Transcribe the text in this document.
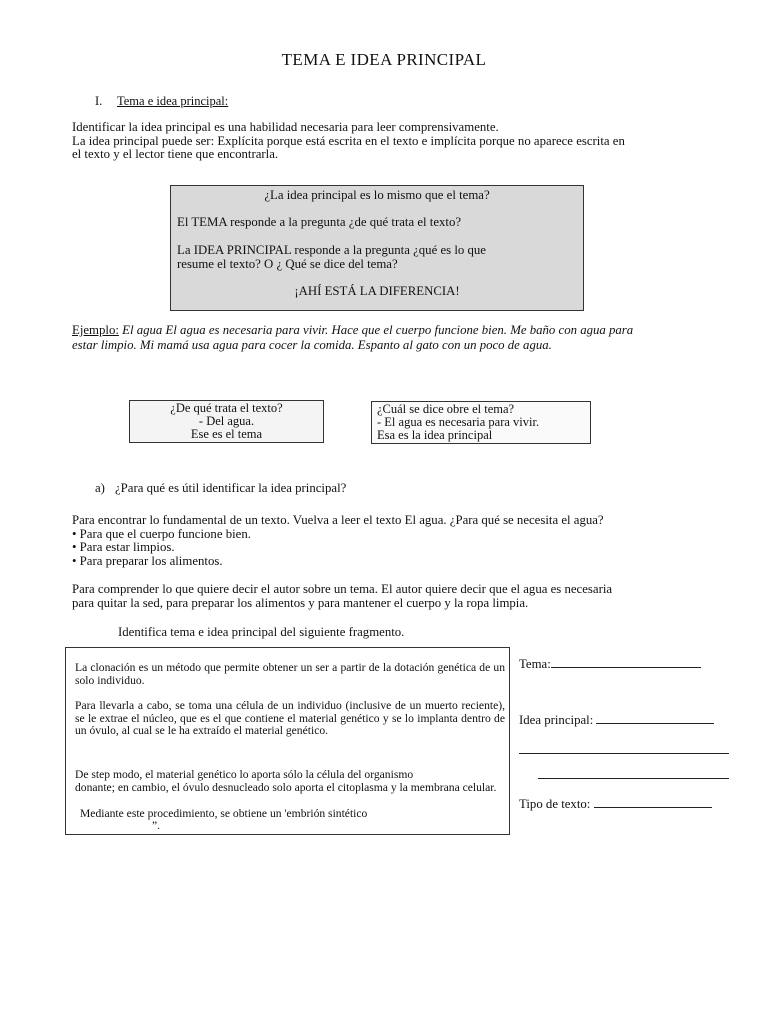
TEMA E IDEA PRINCIPAL
I. Tema e idea principal:
Identificar la idea principal es una habilidad necesaria para leer comprensivamente.
La idea principal puede ser: Explícita porque está escrita en el texto e implícita porque no aparece escrita en
el texto y el lector tiene que encontrarla.
¿La idea principal es lo mismo que el tema?
El TEMA responde a la pregunta ¿de qué trata el texto?
La IDEA PRINCIPAL responde a la pregunta ¿qué es lo que
resume el texto? O ¿ Qué se dice del tema?
¡AHÍ ESTÁ LA DIFERENCIA!
Ejemplo: El agua El agua es necesaria para vivir. Hace que el cuerpo funcione bien. Me baño con agua para
estar limpio. Mi mamá usa agua para cocer la comida. Espanto al gato con un poco de agua.
¿De qué trata el texto?
- Del agua.
Ese es el tema
¿Cuál se dice obre el tema?
- El agua es necesaria para vivir.
Esa es la idea principal
a) ¿Para qué es útil identificar la idea principal?
Para encontrar lo fundamental de un texto. Vuelva a leer el texto El agua. ¿Para qué se necesita el agua?
• Para que el cuerpo funcione bien.
• Para estar limpios.
• Para preparar los alimentos.
Para comprender lo que quiere decir el autor sobre un tema. El autor quiere decir que el agua es necesaria
para quitar la sed, para preparar los alimentos y para mantener el cuerpo y la ropa limpia.
Identifica tema e idea principal del siguiente fragmento.
La clonación es un método que permite obtener un ser a partir de la dotación genética de un solo individuo.
Para llevarla a cabo, se toma una célula de un individuo (inclusive de un muerto reciente), se le extrae el núcleo, que es el que contiene el material genético y se lo implanta dentro de un óvulo, al cual se le ha extraído el material genético.
De step modo, el material genético lo aporta sólo la célula del organismo
donante; en cambio, el óvulo desnucleado solo aporta el citoplasma y la membrana celular.
Mediante este procedimiento, se obtiene un 'embrión sintético
”.
Tema:
Idea principal:
Tipo de texto:
